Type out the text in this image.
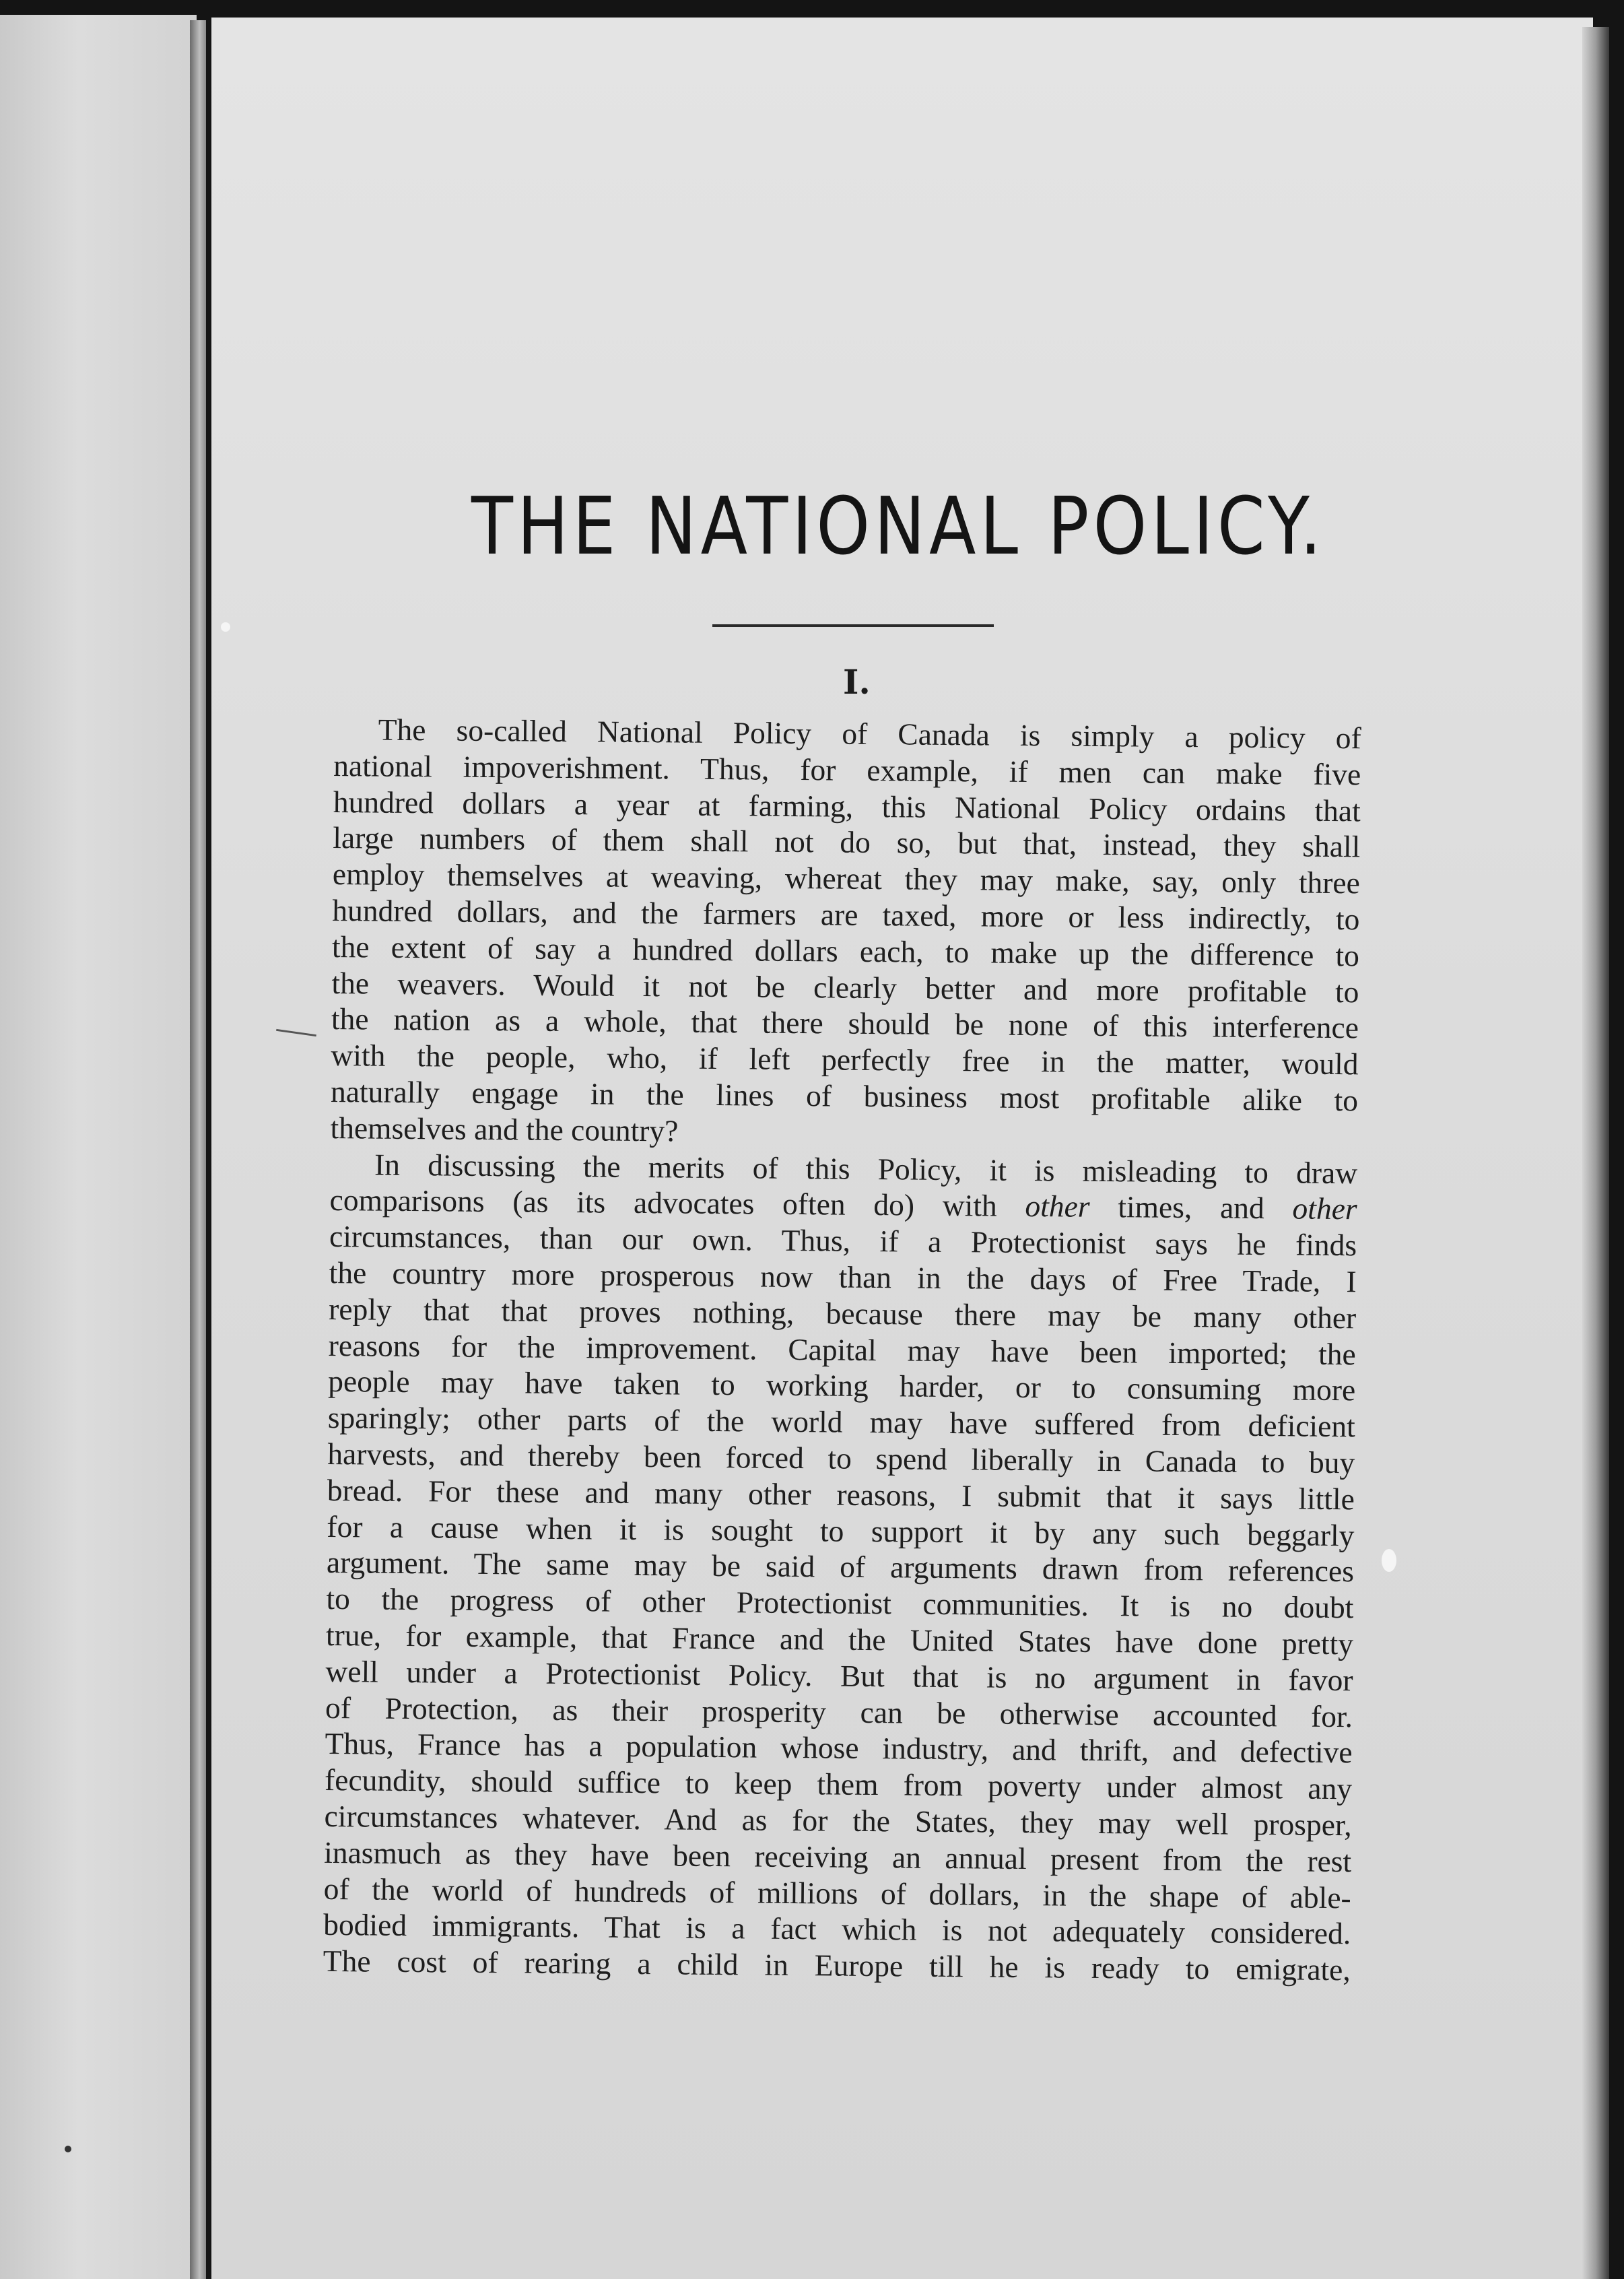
THE NATIONAL POLICY.
I.
The so-called National Policy of Canada is simply a policy of
national impoverishment. Thus, for example, if men can make five
hundred dollars a year at farming, this National Policy ordains that
large numbers of them shall not do so, but that, instead, they shall
employ themselves at weaving, whereat they may make, say, only three
hundred dollars, and the farmers are taxed, more or less indirectly, to
the extent of say a hundred dollars each, to make up the difference to
the weavers. Would it not be clearly better and more profitable to
the nation as a whole, that there should be none of this interference
with the people, who, if left perfectly free in the matter, would
naturally engage in the lines of business most profitable alike to
themselves and the country?
In discussing the merits of this Policy, it is misleading to draw
comparisons (as its advocates often do) with other times, and other
circumstances, than our own. Thus, if a Protectionist says he finds
the country more prosperous now than in the days of Free Trade, I
reply that that proves nothing, because there may be many other
reasons for the improvement. Capital may have been imported; the
people may have taken to working harder, or to consuming more
sparingly; other parts of the world may have suffered from deficient
harvests, and thereby been forced to spend liberally in Canada to buy
bread. For these and many other reasons, I submit that it says little
for a cause when it is sought to support it by any such beggarly
argument. The same may be said of arguments drawn from references
to the progress of other Protectionist communities. It is no doubt
true, for example, that France and the United States have done pretty
well under a Protectionist Policy. But that is no argument in favor
of Protection, as their prosperity can be otherwise accounted for.
Thus, France has a population whose industry, and thrift, and defective
fecundity, should suffice to keep them from poverty under almost any
circumstances whatever. And as for the States, they may well prosper,
inasmuch as they have been receiving an annual present from the rest
of the world of hundreds of millions of dollars, in the shape of able-
bodied immigrants. That is a fact which is not adequately considered.
The cost of rearing a child in Europe till he is ready to emigrate,
